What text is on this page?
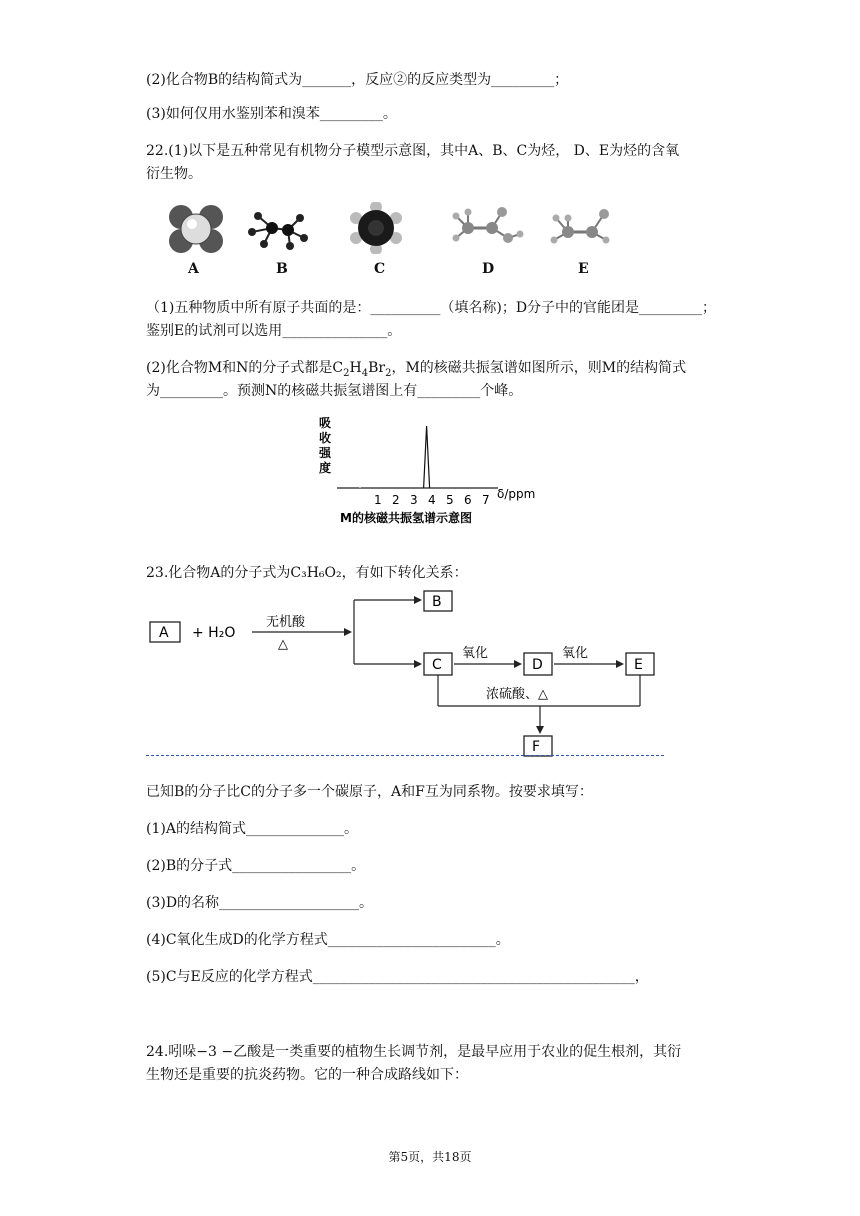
(2)化合物B的结构简式为_______，反应②的反应类型为_________；
(3)如何仅用水鉴别苯和溴苯_________。
22.(1)以下是五种常见有机物分子模型示意图，其中A、B、C为烃， D、E为烃的含氧
衍生物。
A	B	C	D	E
（1)五种物质中所有原子共面的是：__________（填名称)；D分子中的官能团是_________；
鉴别E的试剂可以选用_______________。
(2)化合物M和N的分子式都是$C_2H_4Br_2$，M的核磁共振氢谱如图所示，则M的结构简式
为_________。预测N的核磁共振氢谱图上有_________个峰。
吸
收
强
度
1 2 3 4 5 6 7 δ/ppm
M的核磁共振氢谱示意图
23.化合物A的分子式为C₃H₆O₂，有如下转化关系：
A + H₂O
无机酸
△
B
C
氧化
D
氧化
E
浓硫酸、△
F
已知B的分子比C的分子多一个碳原子，A和F互为同系物。按要求填写：
(1)A的结构简式______________。
(2)B的分子式_________________。
(3)D的名称____________________。
(4)C氧化生成D的化学方程式________________________。
(5)C与E反应的化学方程式______________________________________________，
24.吲哚−3 −乙酸是一类重要的植物生长调节剂，是最早应用于农业的促生根剂，其衍
生物还是重要的抗炎药物。它的一种合成路线如下：
第5页，共18页
